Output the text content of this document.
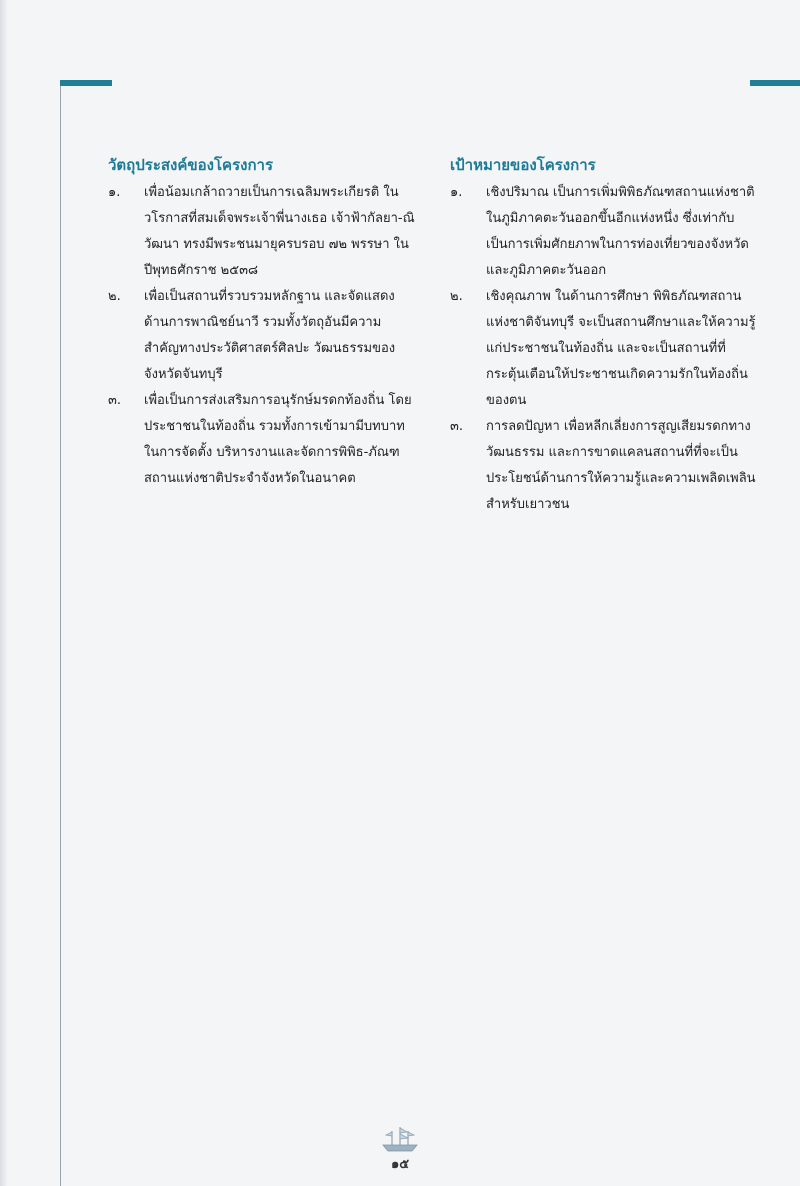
วัตถุประสงค์ของโครงการ
๑.	เพื่อน้อมเกล้าถวายเป็นการเฉลิมพระเกียรติ ในวโรกาสที่สมเด็จพระเจ้าพี่นางเธอ เจ้าฟ้ากัลยา-ณิวัฒนา ทรงมีพระชนมายุครบรอบ ๗๒ พรรษา ในปีพุทธศักราช ๒๕๓๘
๒.	เพื่อเป็นสถานที่รวบรวมหลักฐาน และจัดแสดงด้านการพาณิชย์นาวี รวมทั้งวัตถุอันมีความสำคัญทางประวัติศาสตร์ศิลปะ วัฒนธรรมของจังหวัดจันทบุรี
๓.	เพื่อเป็นการส่งเสริมการอนุรักษ์มรดกท้องถิ่น โดยประชาชนในท้องถิ่น รวมทั้งการเข้ามามีบทบาทในการจัดตั้ง บริหารงานและจัดการพิพิธ-ภัณฑสถานแห่งชาติประจำจังหวัดในอนาคต
เป้าหมายของโครงการ
๑.	เชิงปริมาณ เป็นการเพิ่มพิพิธภัณฑสถานแห่งชาติในภูมิภาคตะวันออกขึ้นอีกแห่งหนึ่ง ซึ่งเท่ากับเป็นการเพิ่มศักยภาพในการท่องเที่ยวของจังหวัดและภูมิภาคตะวันออก
๒.	เชิงคุณภาพ ในด้านการศึกษา พิพิธภัณฑสถานแห่งชาติจันทบุรี จะเป็นสถานศึกษาและให้ความรู้แก่ประชาชนในท้องถิ่น และจะเป็นสถานที่ที่กระตุ้นเตือนให้ประชาชนเกิดความรักในท้องถิ่นของตน
๓.	การลดปัญหา เพื่อหลีกเลี่ยงการสูญเสียมรดกทางวัฒนธรรม และการขาดแคลนสถานที่ที่จะเป็นประโยชน์ด้านการให้ความรู้และความเพลิดเพลินสำหรับเยาวชน
๑๕
